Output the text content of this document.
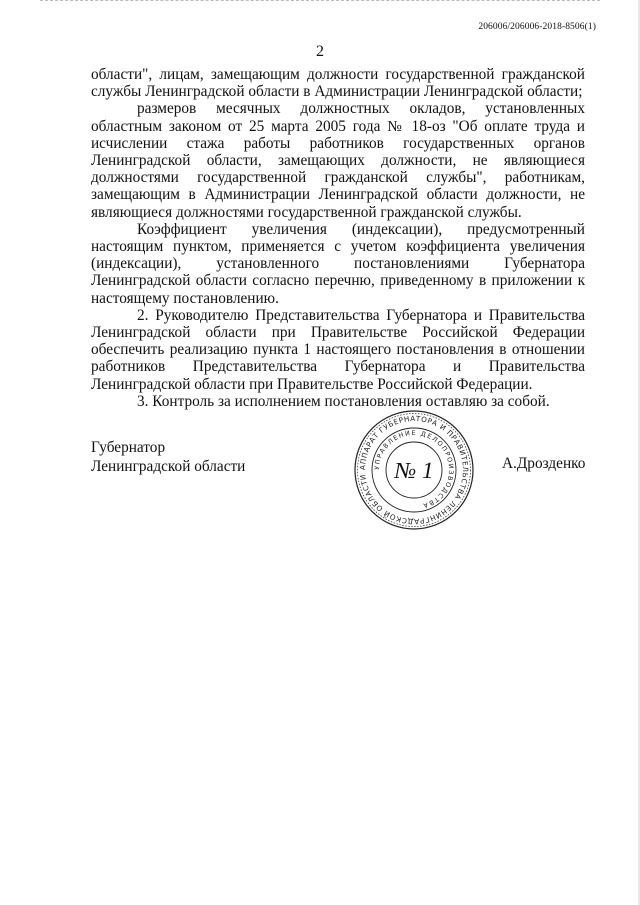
206006/206006-2018-8506(1)
2

области", лицам, замещающим должности государственной гражданской службы Ленинградской области в Администрации Ленинградской области;

размеров месячных должностных окладов, установленных областным законом от 25 марта 2005 года № 18-оз "Об оплате труда и исчислении стажа работы работников государственных органов Ленинградской области, замещающих должности, не являющиеся должностями государственной гражданской службы", работникам, замещающим в Администрации Ленинградской области должности, не являющиеся должностями государственной гражданской службы.

Коэффициент увеличения (индексации), предусмотренный настоящим пунктом, применяется с учетом коэффициента увеличения (индексации), установленного постановлениями Губернатора Ленинградской области согласно перечню, приведенному в приложении к настоящему постановлению.

2. Руководителю Представительства Губернатора и Правительства Ленинградской области при Правительстве Российской Федерации обеспечить реализацию пункта 1 настоящего постановления в отношении работников Представительства Губернатора и Правительства Ленинградской области при Правительстве Российской Федерации.

3. Контроль за исполнением постановления оставляю за собой.

Губернатор
Ленинградской области	АППАРАТ ГУБЕРНАТОРА И ПРАВИТЕЛЬСТВА ЛЕНИНГРАДСКОЙ ОБЛАСТИ
УПРАВЛЕНИЕ ДЕЛОПРОИЗВОДСТВА
№ 1	А.Дрозденко
